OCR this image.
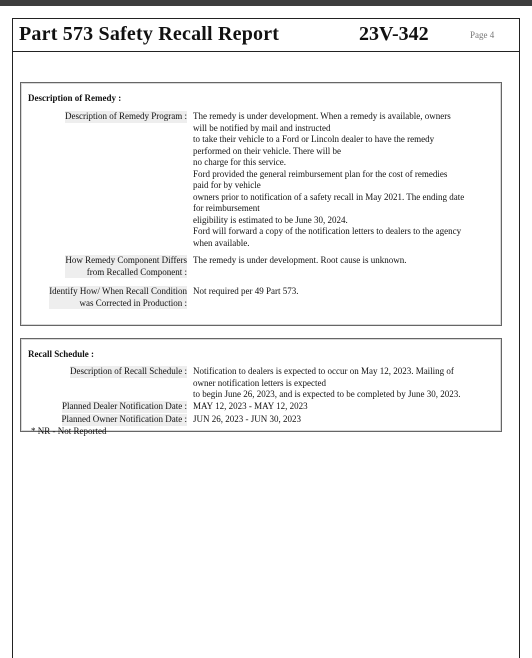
Part 573 Safety Recall Report	23V-342	Page 4
Description of Remedy :
Description of Remedy Program : The remedy is under development. When a remedy is available, owners
will be notified by mail and instructed
to take their vehicle to a Ford or Lincoln dealer to have the remedy
performed on their vehicle. There will be
no charge for this service.
Ford provided the general reimbursement plan for the cost of remedies
paid for by vehicle
owners prior to notification of a safety recall in May 2021. The ending date
for reimbursement
eligibility is estimated to be June 30, 2024.
Ford will forward a copy of the notification letters to dealers to the agency
when available.
How Remedy Component Differs
from Recalled Component :
The remedy is under development. Root cause is unknown.
Identify How/ When Recall Condition
was Corrected in Production :
Not required per 49 Part 573.
Recall Schedule :
Description of Recall Schedule : Notification to dealers is expected to occur on May 12, 2023. Mailing of
owner notification letters is expected
to begin June 26, 2023, and is expected to be completed by June 30, 2023.
Planned Dealer Notification Date : MAY 12, 2023 - MAY 12, 2023
Planned Owner Notification Date : JUN 26, 2023 - JUN 30, 2023
* NR - Not Reported
